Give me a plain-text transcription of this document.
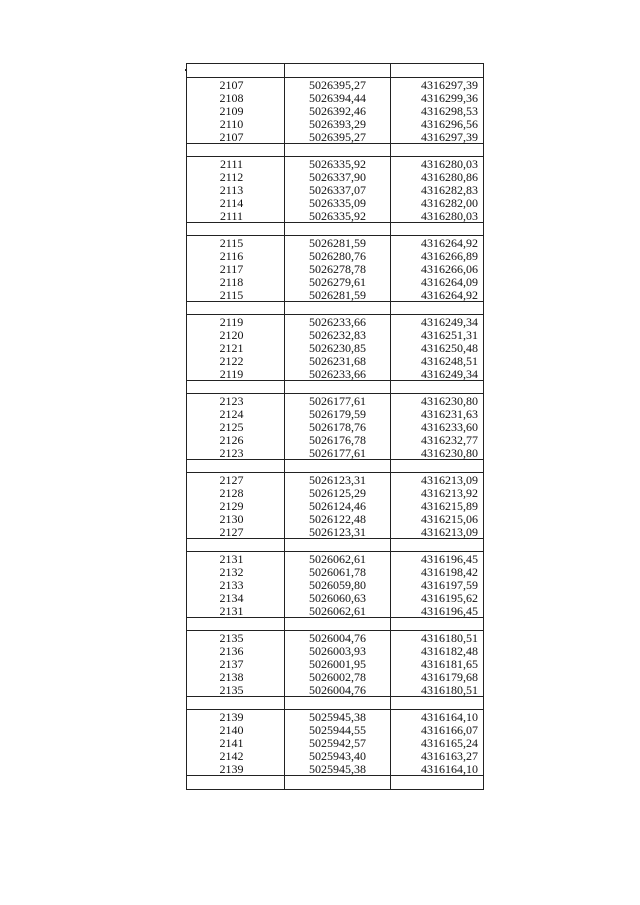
2107	5026395,27	4316297,39
2108	5026394,44	4316299,36
2109	5026392,46	4316298,53
2110	5026393,29	4316296,56
2107	5026395,27	4316297,39

2111	5026335,92	4316280,03
2112	5026337,90	4316280,86
2113	5026337,07	4316282,83
2114	5026335,09	4316282,00
2111	5026335,92	4316280,03

2115	5026281,59	4316264,92
2116	5026280,76	4316266,89
2117	5026278,78	4316266,06
2118	5026279,61	4316264,09
2115	5026281,59	4316264,92

2119	5026233,66	4316249,34
2120	5026232,83	4316251,31
2121	5026230,85	4316250,48
2122	5026231,68	4316248,51
2119	5026233,66	4316249,34

2123	5026177,61	4316230,80
2124	5026179,59	4316231,63
2125	5026178,76	4316233,60
2126	5026176,78	4316232,77
2123	5026177,61	4316230,80

2127	5026123,31	4316213,09
2128	5026125,29	4316213,92
2129	5026124,46	4316215,89
2130	5026122,48	4316215,06
2127	5026123,31	4316213,09

2131	5026062,61	4316196,45
2132	5026061,78	4316198,42
2133	5026059,80	4316197,59
2134	5026060,63	4316195,62
2131	5026062,61	4316196,45

2135	5026004,76	4316180,51
2136	5026003,93	4316182,48
2137	5026001,95	4316181,65
2138	5026002,78	4316179,68
2135	5026004,76	4316180,51

2139	5025945,38	4316164,10
2140	5025944,55	4316166,07
2141	5025942,57	4316165,24
2142	5025943,40	4316163,27
2139	5025945,38	4316164,10
